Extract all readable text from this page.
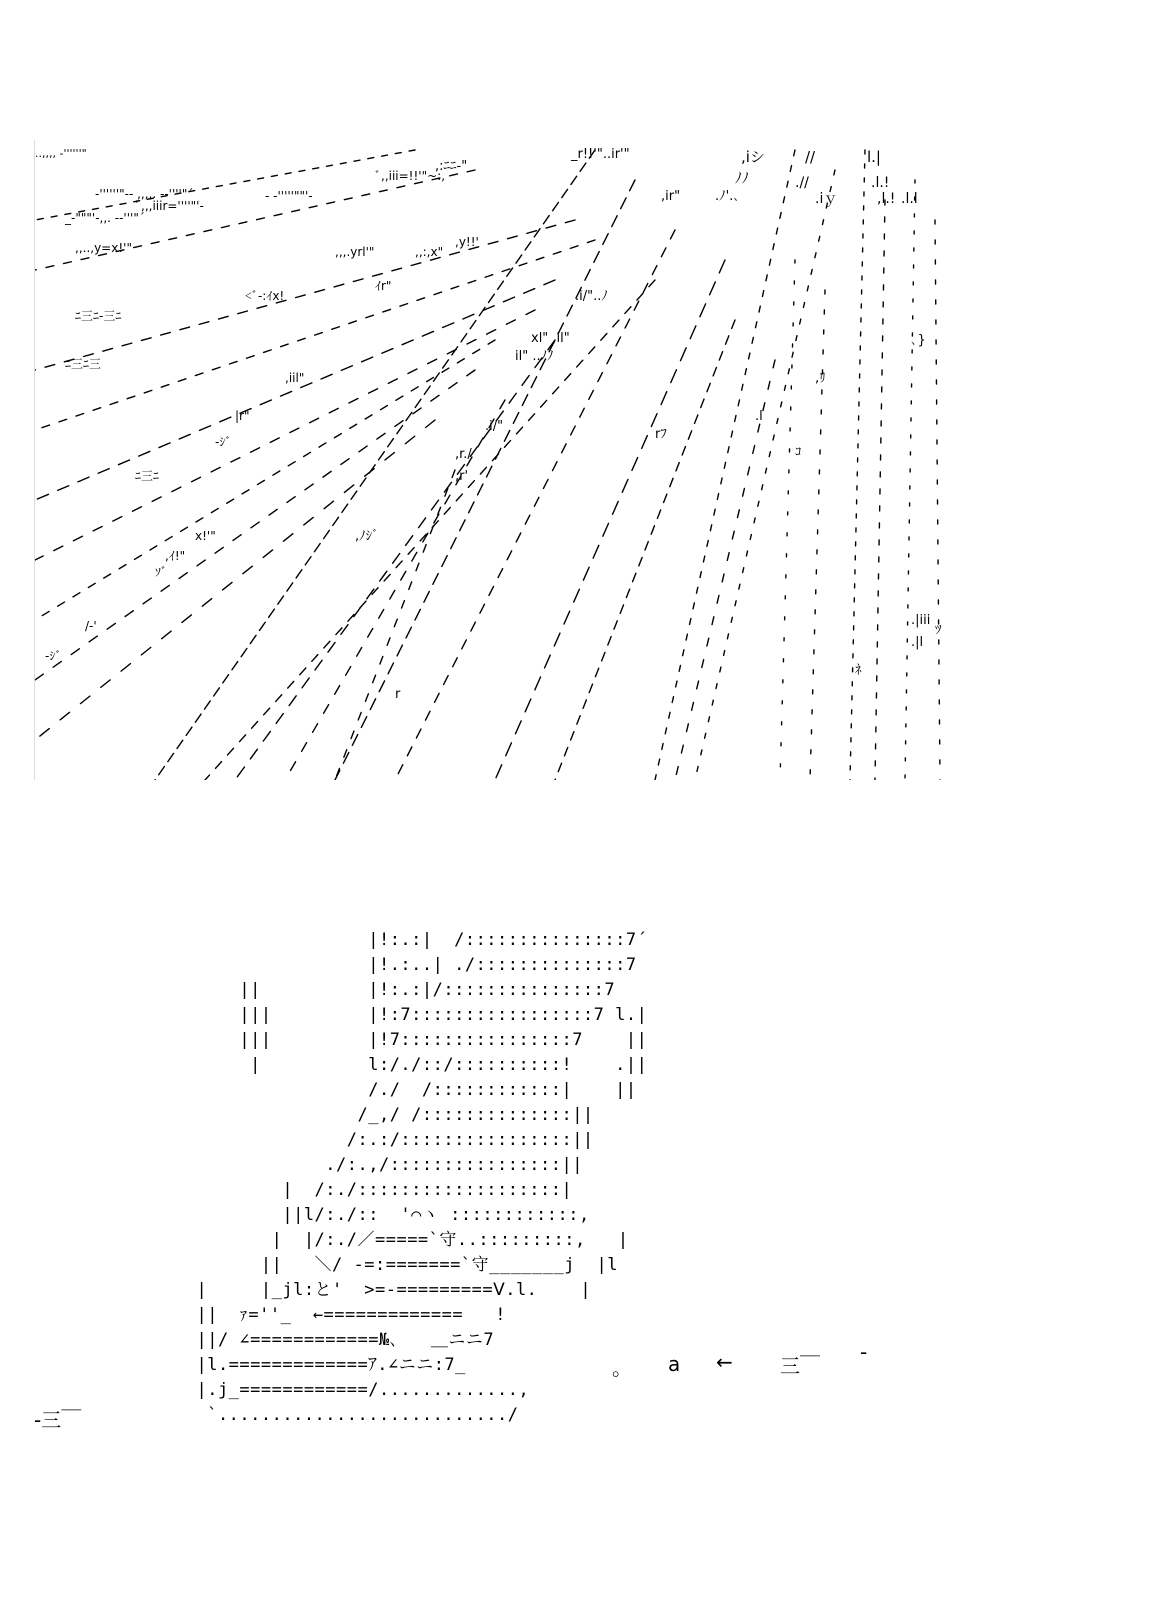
..,,,, ‐''''''"	_r!!'"..ir'"	,iシ	//	l.|
ﾞ,,iii=!!'"~:,
,:ﾆﾆ‐"
ﾉﾉ	.//	.l.!
,ir"	.ﾉ'.､	.iｙ	,l.! .l.l
_‐"""'‐,,. ‐‐'''"´
-''''''"-- ,,,,. ‐‐''''"´	‐ ‐'''''""'‐
ﾞ,,,iiir=''''"'‐
,,..,y=x!'"	,,,.yrl'"	,,:,x"
,y!!'
ﾆ三ﾆ‐三ﾆ
<ﾞ‐:ｲx!
ｲr"
.i/"..ﾉ
xl" ,il"
il" ..ﾉﾉ
ﾆ三ﾆ三
,iil"
‐ｼﾞ
|r"
.i/"
,r./
,r'
,ﾉｼﾞ
rﾌ
.l
ﾆ三ﾆ
x!'"
,ｲ!"
ｿﾞ
/‐'
‐ｼﾞ
r
ﾈ
,ﾘ
ｺ
ﾂ
.|iii
.|l
､}
|!:.:|  /:::::::::::::::7´
|!.:..| ./::::::::::::::7
||          |!:.:|/:::::::::::::::7
|||         |!:7:::::::::::::::::7 l.|
|||         |!7::::::::::::::::7    ||
|          l:/./::/::::::::::!    .||
/./  /::::::::::::|    ||
/_,/ /::::::::::::::||
/:.:/::::::::::::::::||
./:.,/::::::::::::::::||
|  /:./:::::::::::::::::::|
||l/:./::  '⌒ヽ ::::::::::::,
|  |/:./／=====`守..:::::::::,   |
||   ＼/ ‐=:=======`守_______j  |l
|     |_jl:と'  >=‐=========Ⅴ.l.    |
||  ｧ=''_  ←=============   !
||/ ∠============№､   ＿ニニ7
|l.=============ｱ.∠ニニ:7_
|.j_============/.............,
`.........................../
。 a ← 三￣
-
-三￣
